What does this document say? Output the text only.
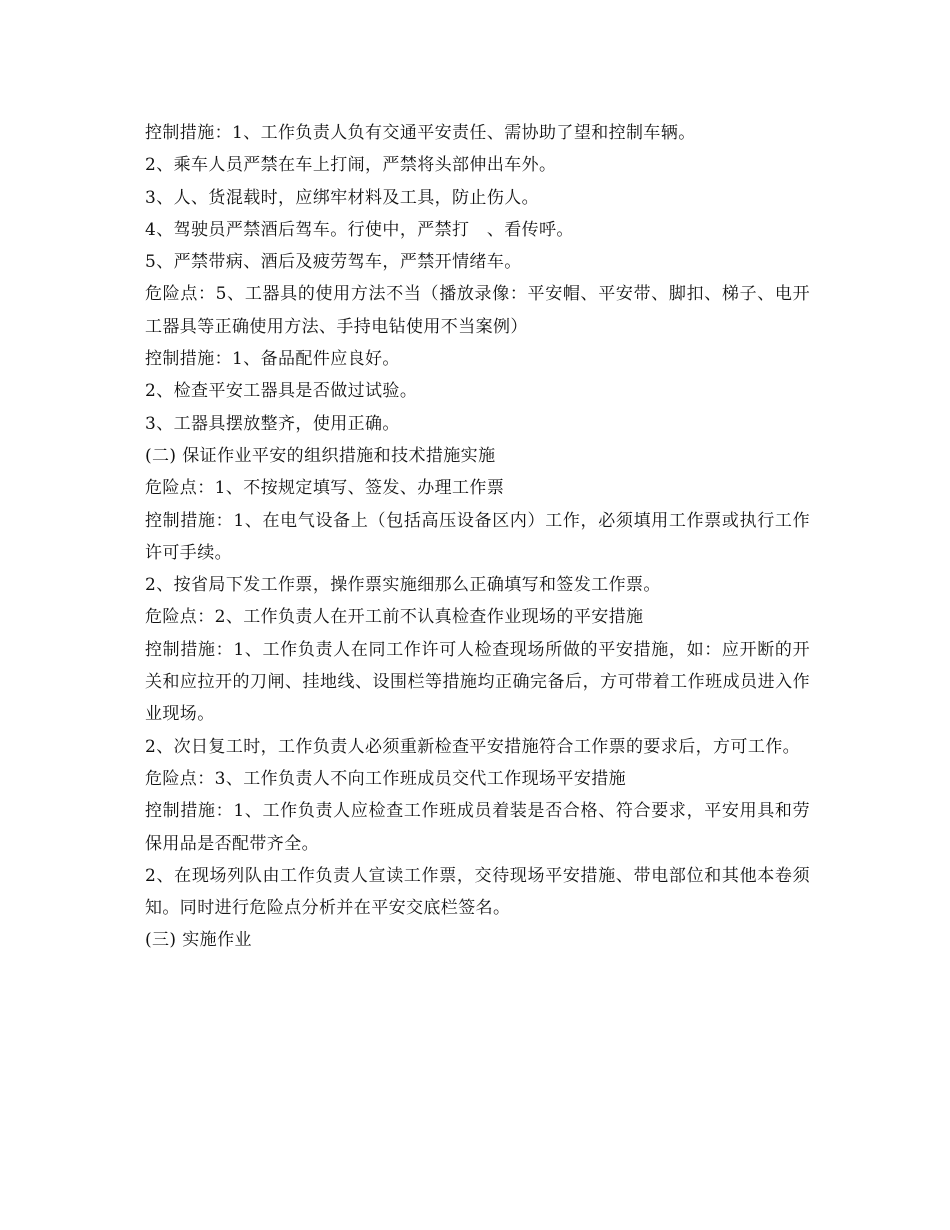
控制措施：1、工作负责人负有交通平安责任、需协助了望和控制车辆。

2、乘车人员严禁在车上打闹，严禁将头部伸出车外。

3、人、货混载时，应绑牢材料及工具，防止伤人。

4、驾驶员严禁酒后驾车。行使中，严禁打　、看传呼。

5、严禁带病、酒后及疲劳驾车，严禁开情绪车。

危险点：5、工器具的使用方法不当（播放录像：平安帽、平安带、脚扣、梯子、电开工器具等正确使用方法、手持电钻使用不当案例）

控制措施：1、备品配件应良好。

2、检查平安工器具是否做过试验。

3、工器具摆放整齐，使用正确。

(二) 保证作业平安的组织措施和技术措施实施

危险点：1、不按规定填写、签发、办理工作票

控制措施：1、在电气设备上（包括高压设备区内）工作，必须填用工作票或执行工作许可手续。

2、按省局下发工作票，操作票实施细那么正确填写和签发工作票。

危险点：2、工作负责人在开工前不认真检查作业现场的平安措施

控制措施：1、工作负责人在同工作许可人检查现场所做的平安措施，如：应开断的开关和应拉开的刀闸、挂地线、设围栏等措施均正确完备后，方可带着工作班成员进入作业现场。

2、次日复工时，工作负责人必须重新检查平安措施符合工作票的要求后，方可工作。

危险点：3、工作负责人不向工作班成员交代工作现场平安措施

控制措施：1、工作负责人应检查工作班成员着装是否合格、符合要求，平安用具和劳保用品是否配带齐全。

2、在现场列队由工作负责人宣读工作票，交待现场平安措施、带电部位和其他本卷须知。同时进行危险点分析并在平安交底栏签名。

(三) 实施作业
